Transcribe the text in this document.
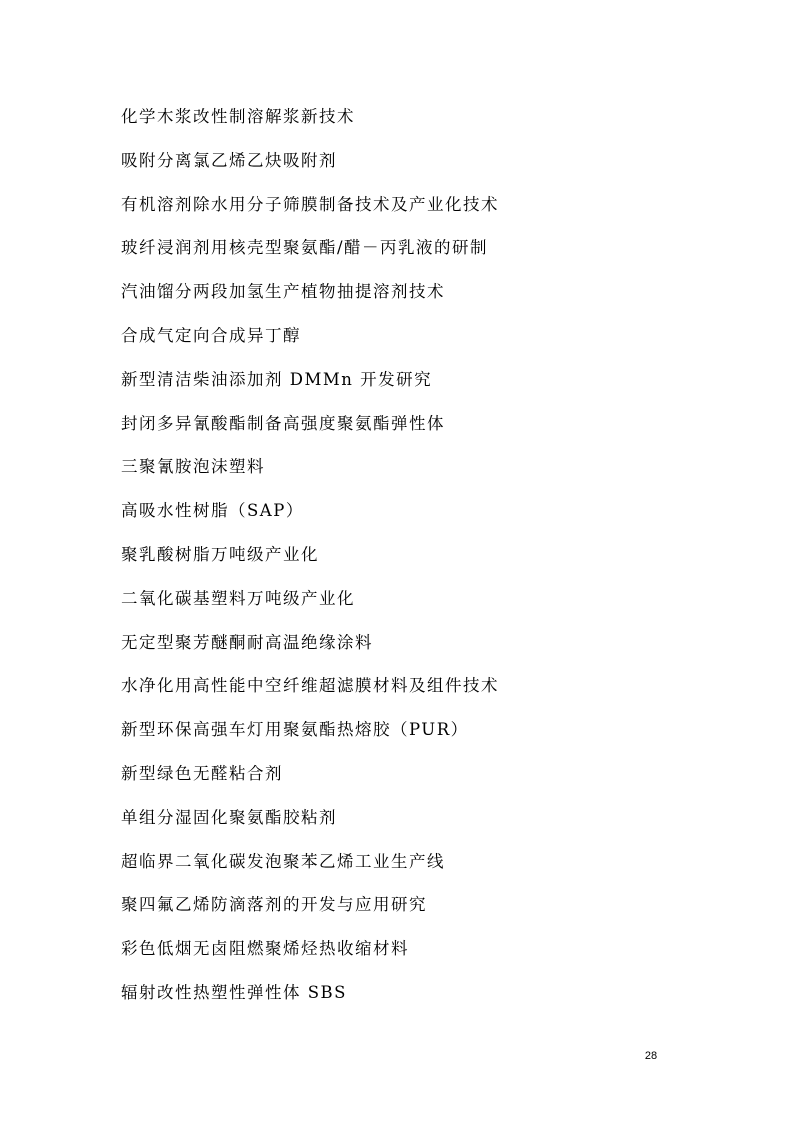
化学木浆改性制溶解浆新技术
吸附分离氯乙烯乙炔吸附剂
有机溶剂除水用分子筛膜制备技术及产业化技术
玻纤浸润剂用核壳型聚氨酯/醋－丙乳液的研制
汽油馏分两段加氢生产植物抽提溶剂技术
合成气定向合成异丁醇
新型清洁柴油添加剂 DMMn 开发研究
封闭多异氰酸酯制备高强度聚氨酯弹性体
三聚氰胺泡沫塑料
高吸水性树脂（SAP）
聚乳酸树脂万吨级产业化
二氧化碳基塑料万吨级产业化
无定型聚芳醚酮耐高温绝缘涂料
水净化用高性能中空纤维超滤膜材料及组件技术
新型环保高强车灯用聚氨酯热熔胶（PUR）
新型绿色无醛粘合剂
单组分湿固化聚氨酯胶粘剂
超临界二氧化碳发泡聚苯乙烯工业生产线
聚四氟乙烯防滴落剂的开发与应用研究
彩色低烟无卤阻燃聚烯烃热收缩材料
辐射改性热塑性弹性体 SBS
28
